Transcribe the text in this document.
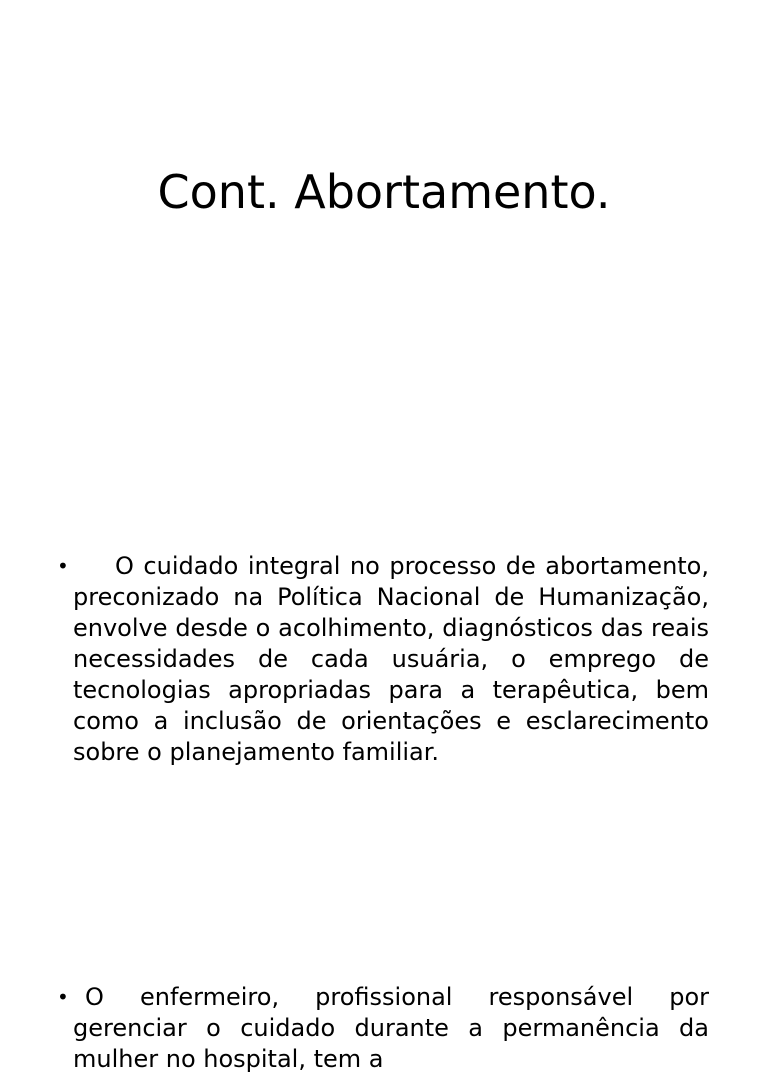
Cont. Abortamento.
•	O cuidado integral no processo de abortamento, preconizado na Política Nacional de Humanização, envolve desde o acolhimento, diagnósticos das reais necessidades de cada usuária, o emprego de tecnologias apropriadas para a terapêutica, bem como a inclusão de orientações e esclarecimento sobre o planejamento familiar.

• O enfermeiro, profissional responsável por gerenciar o cuidado durante a permanência da mulher no hospital, tem a
